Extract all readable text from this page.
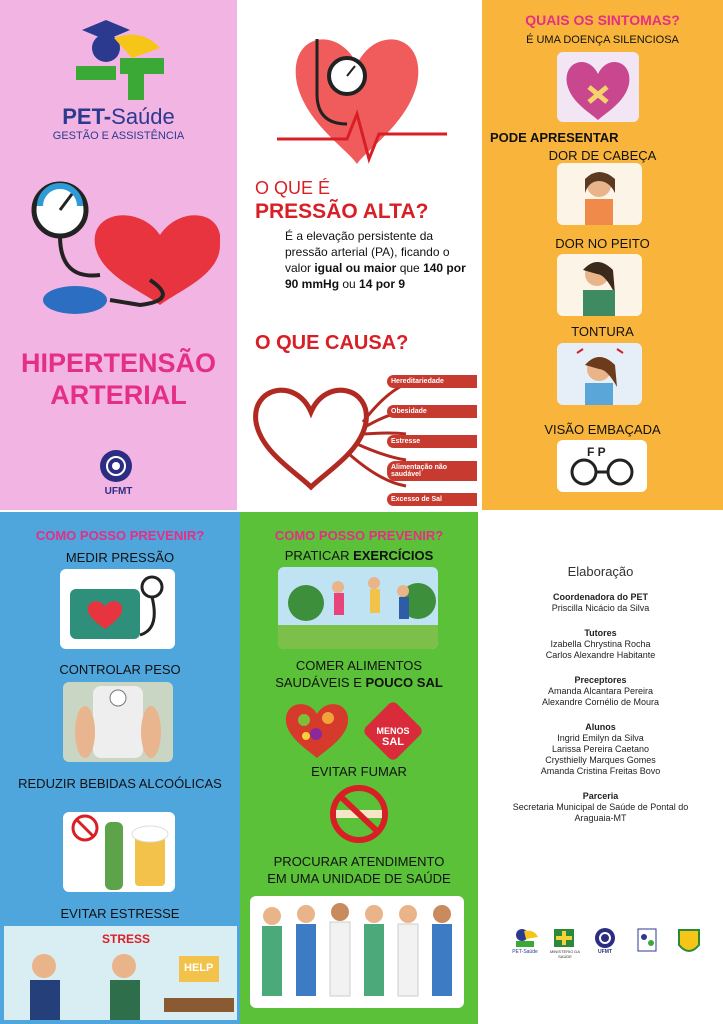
PET-Saúde
GESTÃO E ASSISTÊNCIA
HIPERTENSÃO
ARTERIAL
UFMT
O QUE É
PRESSÃO ALTA?
É a elevação persistente da pressão arterial (PA), ficando o valor igual ou maior que 140 por 90 mmHg ou 14 por 9
O QUE CAUSA?
Hereditariedade
Obesidade
Estresse
Alimentação não saudável
Excesso de Sal
QUAIS OS SINTOMAS?
É UMA DOENÇA SILENCIOSA
PODE APRESENTAR
DOR DE CABEÇA
DOR NO PEITO
TONTURA
VISÃO EMBAÇADA
F P
COMO POSSO PREVENIR?
MEDIR PRESSÃO
CONTROLAR PESO
REDUZIR BEBIDAS ALCOÓLICAS
EVITAR ESTRESSE
STRESS
HELP
COMO POSSO PREVENIR?
PRATICAR EXERCÍCIOS
COMER ALIMENTOS
SAUDÁVEIS E POUCO SAL
MENOS
SAL
EVITAR FUMAR
PROCURAR ATENDIMENTO
EM UMA UNIDADE DE SAÚDE
Elaboração
Coordenadora do PET
Priscilla Nicácio da Silva
Tutores
Izabella Chrystina Rocha
Carlos Alexandre Habitante
Preceptores
Amanda Alcantara Pereira
Alexandre Cornélio de Moura
Alunos
Ingrid Emilyn da Silva
Larissa Pereira Caetano
Crysthielly Marques Gomes
Amanda Cristina Freitas Bovo
Parceria
Secretaria Municipal de Saúde de Pontal do
Araguaia-MT
PET-Saúde	MINISTÉRIO DA SAÚDE
UFMT
